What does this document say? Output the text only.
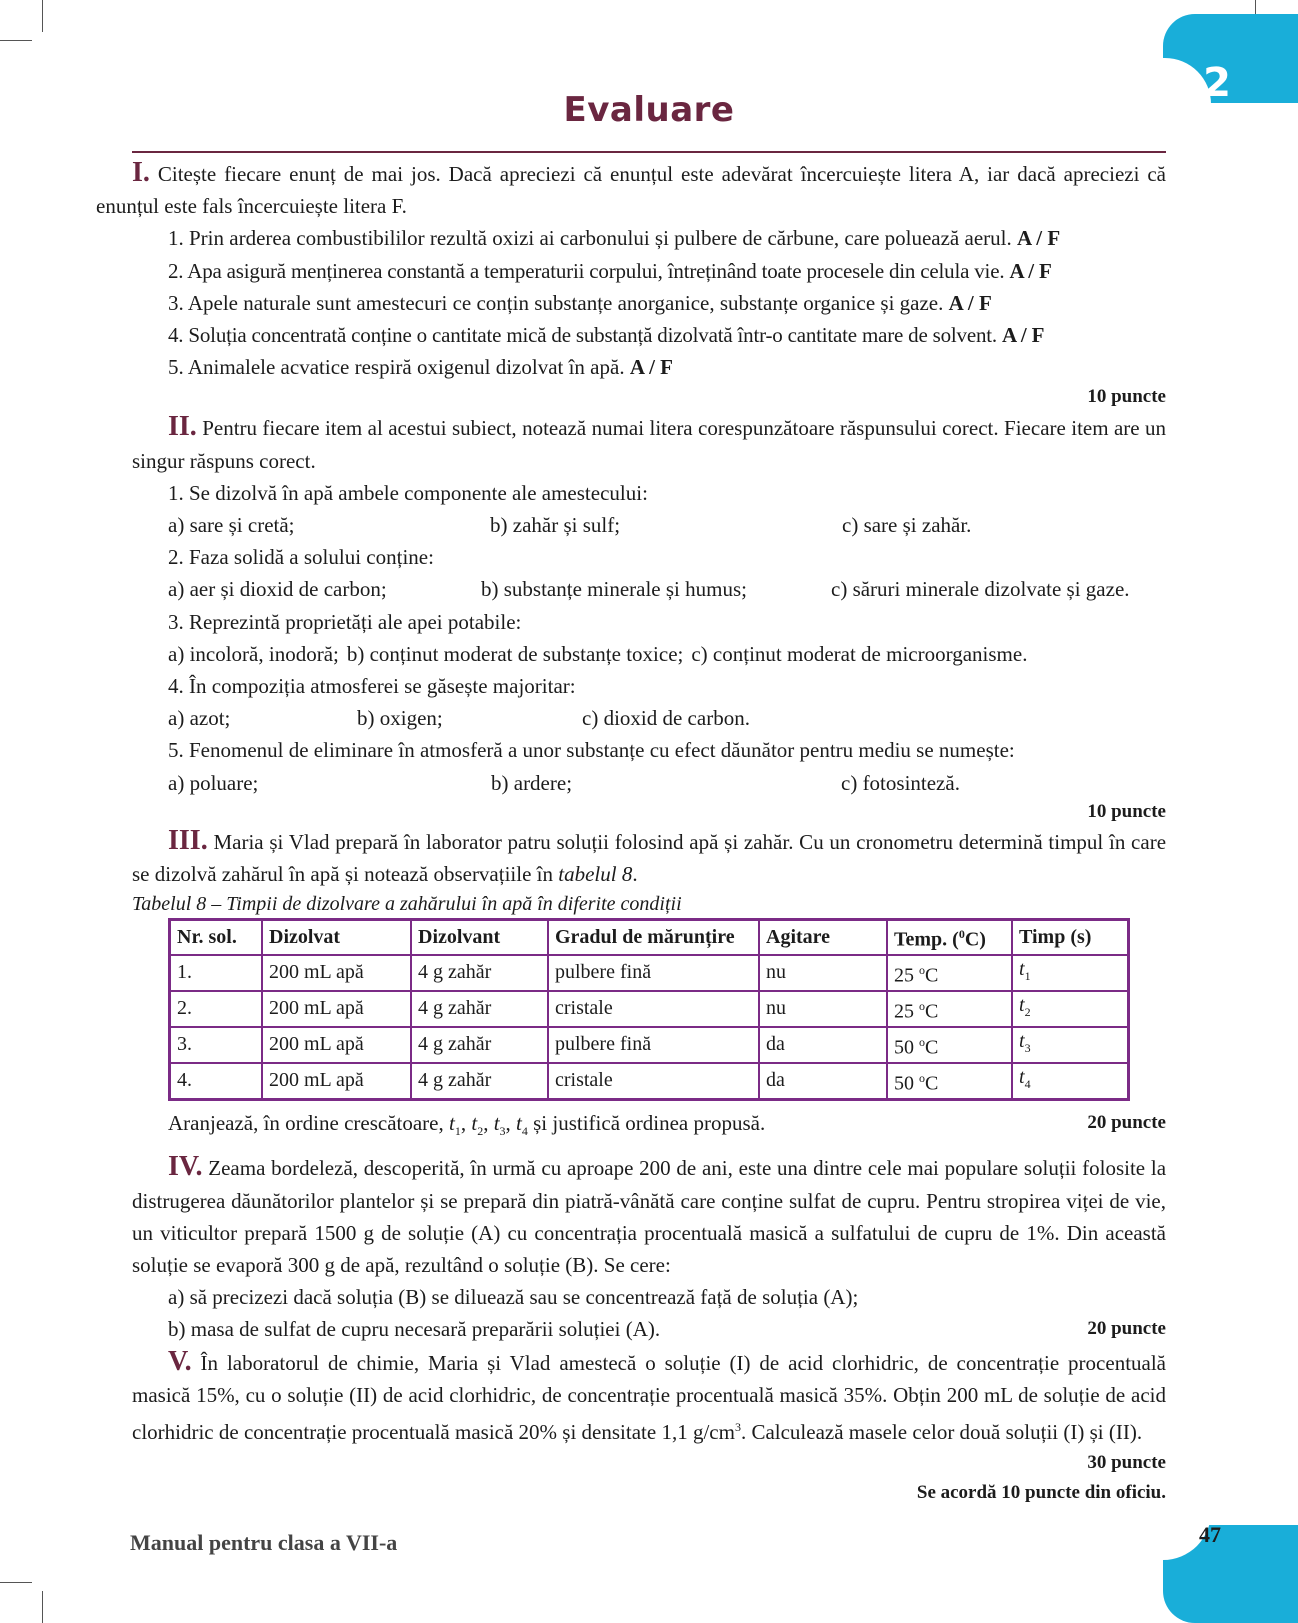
2
47
Evaluare

I. Citește fiecare enunț de mai jos. Dacă apreciezi că enunțul este adevărat încercuiește litera A, iar dacă apreciezi că enunțul este fals încercuiește litera F.

1. Prin arderea combustibililor rezultă oxizi ai carbonului și pulbere de cărbune, care poluează aerul. A / F

2. Apa asigură menținerea constantă a temperaturii corpului, întreținând toate procesele din celula vie. A / F

3. Apele naturale sunt amestecuri ce conțin substanțe anorganice, substanțe organice și gaze. A / F

4. Soluția concentrată conține o cantitate mică de substanță dizolvată într-o cantitate mare de solvent. A / F

5. Animalele acvatice respiră oxigenul dizolvat în apă. A / F

10 puncte

II. Pentru fiecare item al acestui subiect, notează numai litera corespunzătoare răspunsului corect. Fiecare item are un singur răspuns corect.

1. Se dizolvă în apă ambele componente ale amestecului:

a) sare și cretă;	b) zahăr și sulf;	c) sare și zahăr.

2. Faza solidă a solului conține:

a) aer și dioxid de carbon;	b) substanțe minerale și humus;	c) săruri minerale dizolvate și gaze.

3. Reprezintă proprietăți ale apei potabile:

a) incoloră, inodoră; b) conținut moderat de substanțe toxice; c) conținut moderat de microorganisme.

4. În compoziția atmosferei se găsește majoritar:

a) azot;	b) oxigen;	c) dioxid de carbon.

5. Fenomenul de eliminare în atmosferă a unor substanțe cu efect dăunător pentru mediu se numește:

a) poluare;	b) ardere;	c) fotosinteză.

10 puncte

III. Maria și Vlad prepară în laborator patru soluții folosind apă și zahăr. Cu un cronometru determină timpul în care se dizolvă zahărul în apă și notează observațiile în tabelul 8.

Tabelul 8 – Timpii de dizolvare a zahărului în apă în diferite condiții

Nr. sol.	Dizolvat	Dizolvant	Gradul de mărunțire	Agitare	Temp. ($^0$C)	Timp (s)
1.	200 mL apă	4 g zahăr	pulbere fină	nu	25 $^o$C	$t_1$
2.	200 mL apă	4 g zahăr	cristale	nu	25 $^o$C	$t_2$
3.	200 mL apă	4 g zahăr	pulbere fină	da	50 $^o$C	$t_3$
4.	200 mL apă	4 g zahăr	cristale	da	50 $^o$C	$t_4$
Aranjează, în ordine crescătoare, $t_1$, $t_2$, $t_3$, $t_4$ și justifică ordinea propusă.	20 puncte

IV. Zeama bordeleză, descoperită, în urmă cu aproape 200 de ani, este una dintre cele mai populare soluții folosite la distrugerea dăunătorilor plantelor și se prepară din piatră-vânătă care conține sulfat de cupru. Pentru stropirea viței de vie, un viticultor prepară 1500 g de soluție (A) cu concentrația procentuală masică a sulfatului de cupru de 1%. Din această soluție se evaporă 300 g de apă, rezultând o soluție (B). Se cere:

a) să precizezi dacă soluția (B) se diluează sau se concentrează față de soluția (A);

b) masa de sulfat de cupru necesară preparării soluției (A).	20 puncte

V. În laboratorul de chimie, Maria și Vlad amestecă o soluție (I) de acid clorhidric, de concentrație procentuală masică 15%, cu o soluție (II) de acid clorhidric, de concentrație procentuală masică 35%. Obțin 200 mL de soluție de acid clorhidric de concentrație procentuală masică 20% și densitate 1,1 $g/cm^3$. Calculează masele celor două soluții (I) și (II).

30 puncte

Se acordă 10 puncte din oficiu.

Manual pentru clasa a VII-a
